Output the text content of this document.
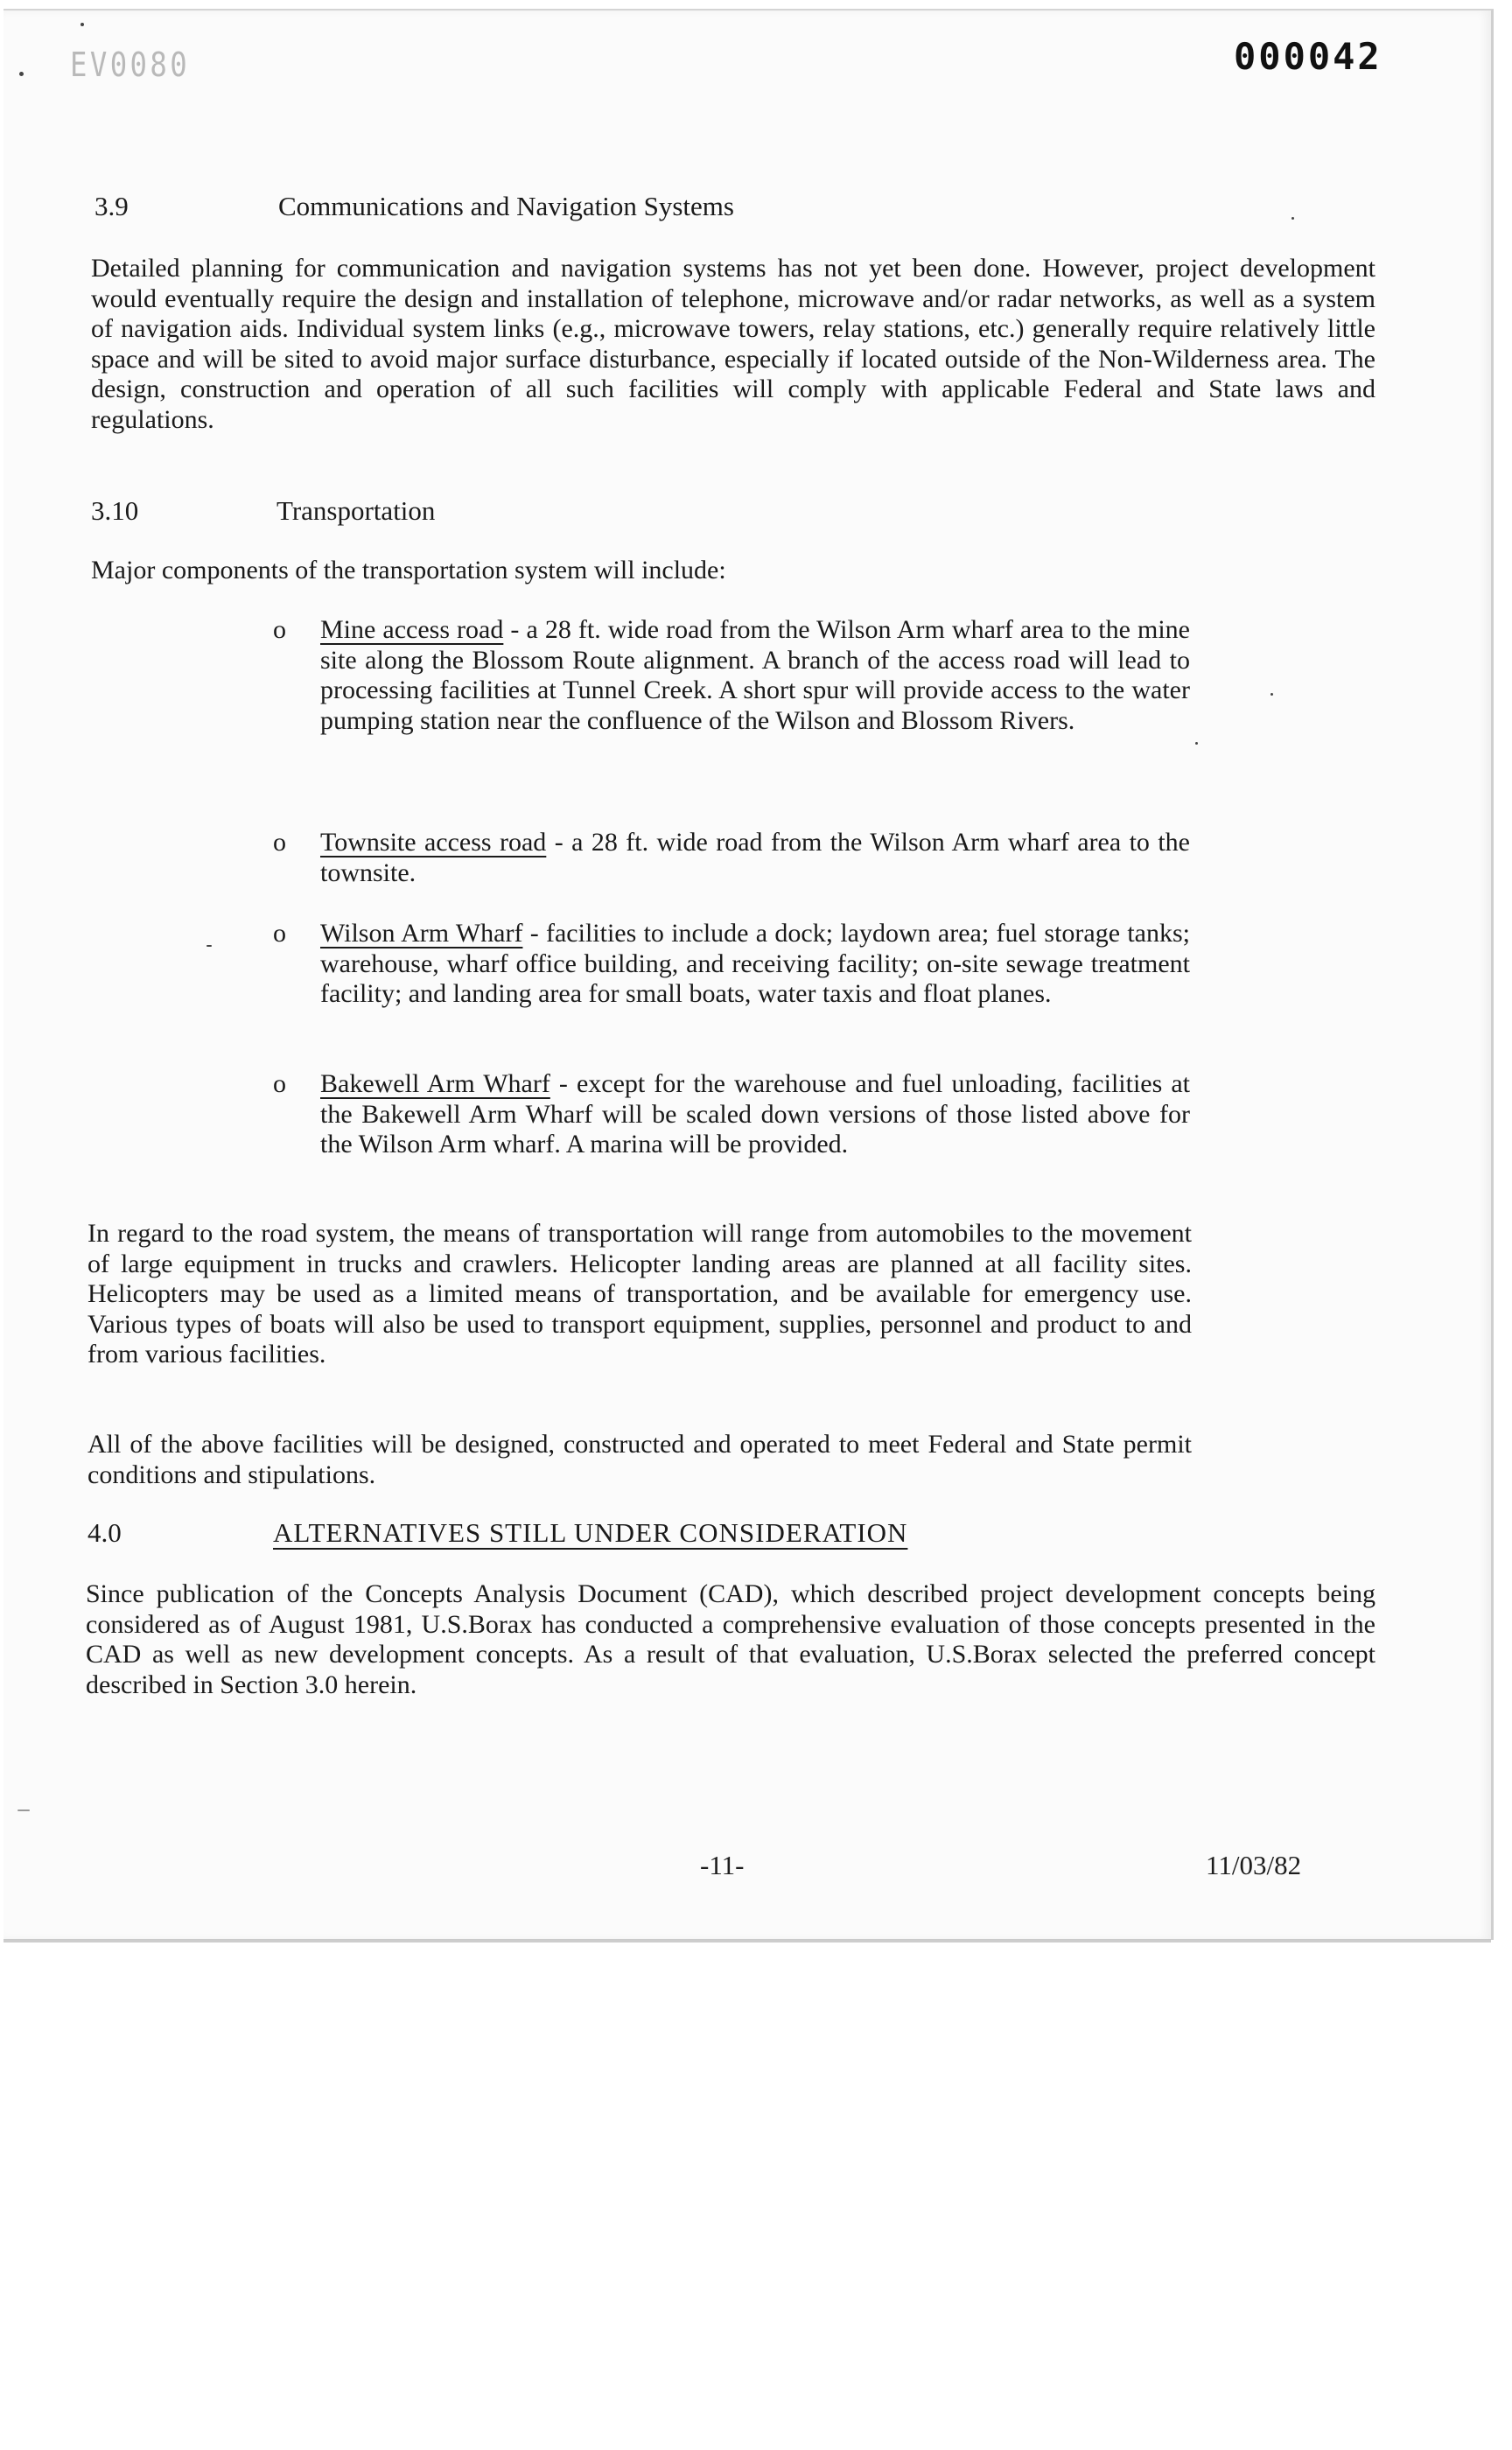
EV0080	000042
3.9	Communications and Navigation Systems
Detailed planning for communication and navigation systems has not yet been done. However, project development would eventually require the design and installation of telephone, microwave and/or radar networks, as well as a system of navigation aids. Individual system links (e.g., microwave towers, relay stations, etc.) generally require relatively little space and will be sited to avoid major surface disturbance, especially if located outside of the Non-Wilderness area. The design, construction and operation of all such facilities will comply with applicable Federal and State laws and regulations.
3.10	Transportation
Major components of the transportation system will include:
o Mine access road - a 28 ft. wide road from the Wilson Arm wharf area to the mine site along the Blossom Route alignment. A branch of the access road will lead to processing facilities at Tunnel Creek. A short spur will provide access to the water pumping station near the confluence of the Wilson and Blossom Rivers.
o Townsite access road - a 28 ft. wide road from the Wilson Arm wharf area to the townsite.
o Wilson Arm Wharf - facilities to include a dock; laydown area; fuel storage tanks; warehouse, wharf office building, and receiving facility; on-site sewage treatment facility; and landing area for small boats, water taxis and float planes.
o Bakewell Arm Wharf - except for the warehouse and fuel unloading, facilities at the Bakewell Arm Wharf will be scaled down versions of those listed above for the Wilson Arm wharf. A marina will be provided.
In regard to the road system, the means of transportation will range from automobiles to the movement of large equipment in trucks and crawlers. Helicopter landing areas are planned at all facility sites. Helicopters may be used as a limited means of transportation, and be available for emergency use. Various types of boats will also be used to transport equipment, supplies, personnel and product to and from various facilities.
All of the above facilities will be designed, constructed and operated to meet Federal and State permit conditions and stipulations.
4.0	ALTERNATIVES STILL UNDER CONSIDERATION
Since publication of the Concepts Analysis Document (CAD), which described project development concepts being considered as of August 1981, U.S.Borax has conducted a comprehensive evaluation of those concepts presented in the CAD as well as new development concepts. As a result of that evaluation, U.S.Borax selected the preferred concept described in Section 3.0 herein.
-11-	11/03/82
